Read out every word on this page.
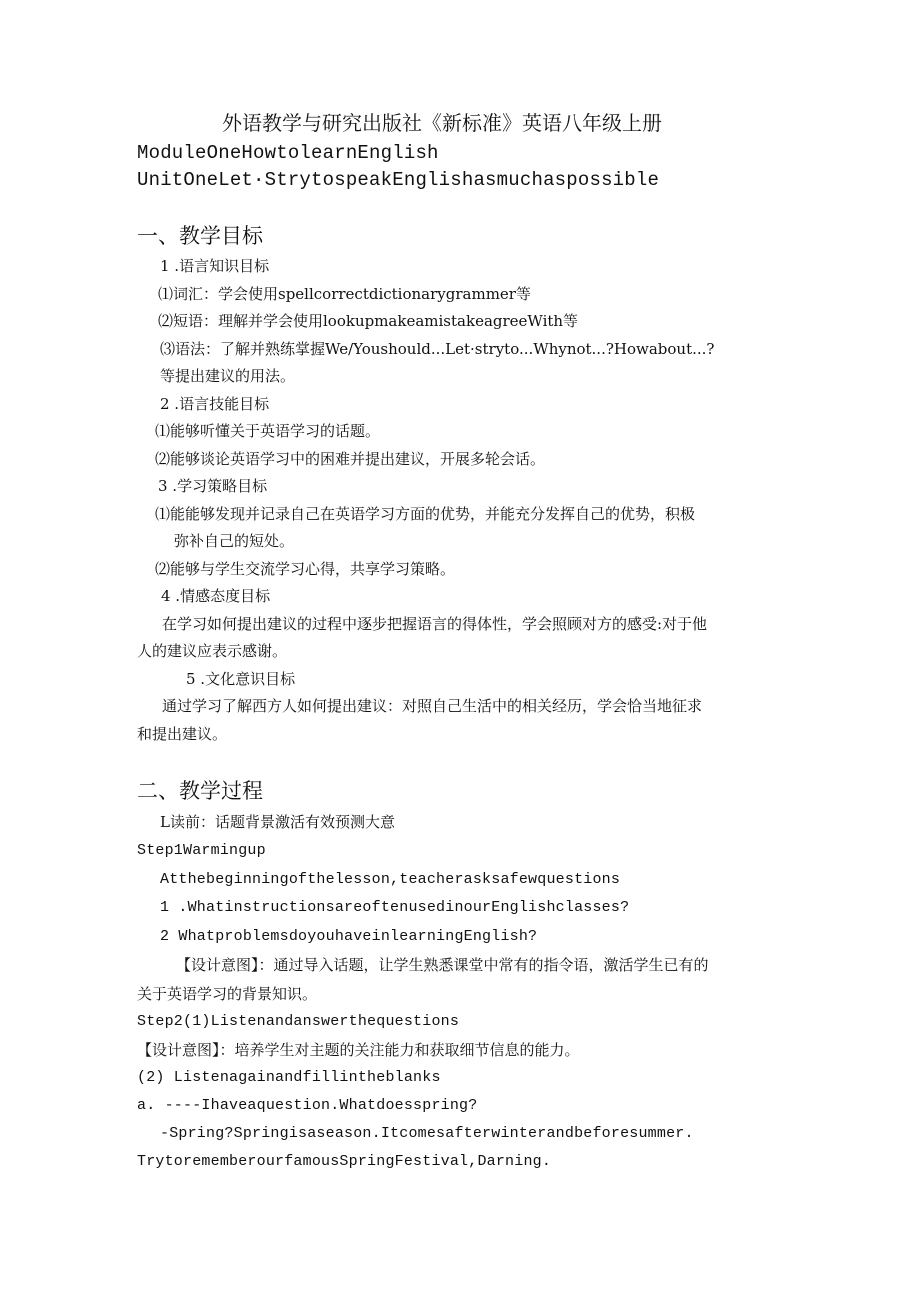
外语教学与研究出版社《新标准》英语八年级上册
ModuleOneHowtolearnEnglish
UnitOneLet·StrytospeakEnglishasmuchaspossible
一、教学目标
1 .语言知识目标
⑴词汇：学会使用spellcorrectdictionarygrammer等
⑵短语：理解并学会使用lookupmakeamistakeagreeWith等
⑶语法：了解并熟练掌握We/Youshould...Let·stryto...Whynot...?Howabout...?
等提出建议的用法。
2 .语言技能目标
⑴能够听懂关于英语学习的话题。
⑵能够谈论英语学习中的困难并提出建议，开展多轮会话。
3 .学习策略目标
⑴能能够发现并记录自己在英语学习方面的优势，并能充分发挥自己的优势，积极
弥补自己的短处。
⑵能够与学生交流学习心得，共享学习策略。
4 .情感态度目标
在学习如何提出建议的过程中逐步把握语言的得体性，学会照顾对方的感受:对于他
人的建议应表示感谢。
5 .文化意识目标
通过学习了解西方人如何提出建议：对照自己生活中的相关经历，学会恰当地征求
和提出建议。
二、教学过程
L读前：话题背景激活有效预测大意
Step1Warmingup
Atthebeginningofthelesson,teacherasksafewquestions
1 .WhatinstructionsareoftenusedinourEnglishclasses?
2 WhatproblemsdoyouhaveinlearningEnglish?
【设计意图】：通过导入话题，让学生熟悉课堂中常有的指令语，激活学生已有的
关于英语学习的背景知识。
Step2(1)Listenandanswerthequestions
【设计意图】：培养学生对主题的关注能力和获取细节信息的能力。
(2) Listenagainandfillintheblanks
a. ----Ihaveaquestion.Whatdoesspring?
-Spring?Springisaseason.Itcomesafterwinterandbeforesummer.
TrytorememberourfamousSpringFestival,Darning.
